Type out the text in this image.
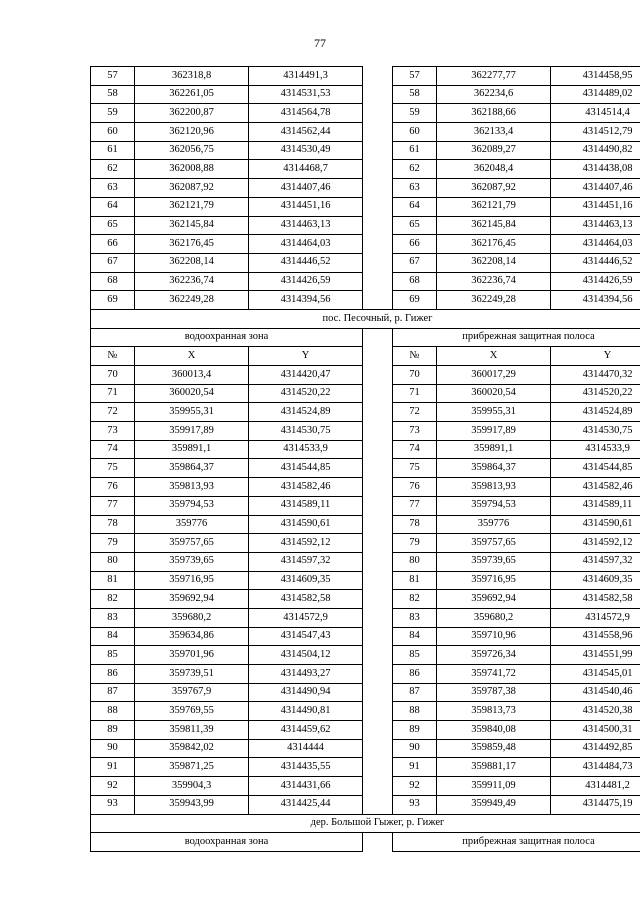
77
57	362318,8	4314491,3		57	362277,77	4314458,95
58	362261,05	4314531,53		58	362234,6	4314489,02
59	362200,87	4314564,78		59	362188,66	4314514,4
60	362120,96	4314562,44		60	362133,4	4314512,79
61	362056,75	4314530,49		61	362089,27	4314490,82
62	362008,88	4314468,7		62	362048,4	4314438,08
63	362087,92	4314407,46		63	362087,92	4314407,46
64	362121,79	4314451,16		64	362121,79	4314451,16
65	362145,84	4314463,13		65	362145,84	4314463,13
66	362176,45	4314464,03		66	362176,45	4314464,03
67	362208,14	4314446,52		67	362208,14	4314446,52
68	362236,74	4314426,59		68	362236,74	4314426,59
69	362249,28	4314394,56		69	362249,28	4314394,56
пос. Песочный, р. Гижег						
водоохранная зона				прибрежная защитная полоса		
№	X	Y		№	X	Y
70	360013,4	4314420,47		70	360017,29	4314470,32
71	360020,54	4314520,22		71	360020,54	4314520,22
72	359955,31	4314524,89		72	359955,31	4314524,89
73	359917,89	4314530,75		73	359917,89	4314530,75
74	359891,1	4314533,9		74	359891,1	4314533,9
75	359864,37	4314544,85		75	359864,37	4314544,85
76	359813,93	4314582,46		76	359813,93	4314582,46
77	359794,53	4314589,11		77	359794,53	4314589,11
78	359776	4314590,61		78	359776	4314590,61
79	359757,65	4314592,12		79	359757,65	4314592,12
80	359739,65	4314597,32		80	359739,65	4314597,32
81	359716,95	4314609,35		81	359716,95	4314609,35
82	359692,94	4314582,58		82	359692,94	4314582,58
83	359680,2	4314572,9		83	359680,2	4314572,9
84	359634,86	4314547,43		84	359710,96	4314558,96
85	359701,96	4314504,12		85	359726,34	4314551,99
86	359739,51	4314493,27		86	359741,72	4314545,01
87	359767,9	4314490,94		87	359787,38	4314540,46
88	359769,55	4314490,81		88	359813,73	4314520,38
89	359811,39	4314459,62		89	359840,08	4314500,31
90	359842,02	4314444		90	359859,48	4314492,85
91	359871,25	4314435,55		91	359881,17	4314484,73
92	359904,3	4314431,66		92	359911,09	4314481,2
93	359943,99	4314425,44		93	359949,49	4314475,19
дер. Большой Гыжег, р. Гижег						
водоохранная зона				прибрежная защитная полоса		
